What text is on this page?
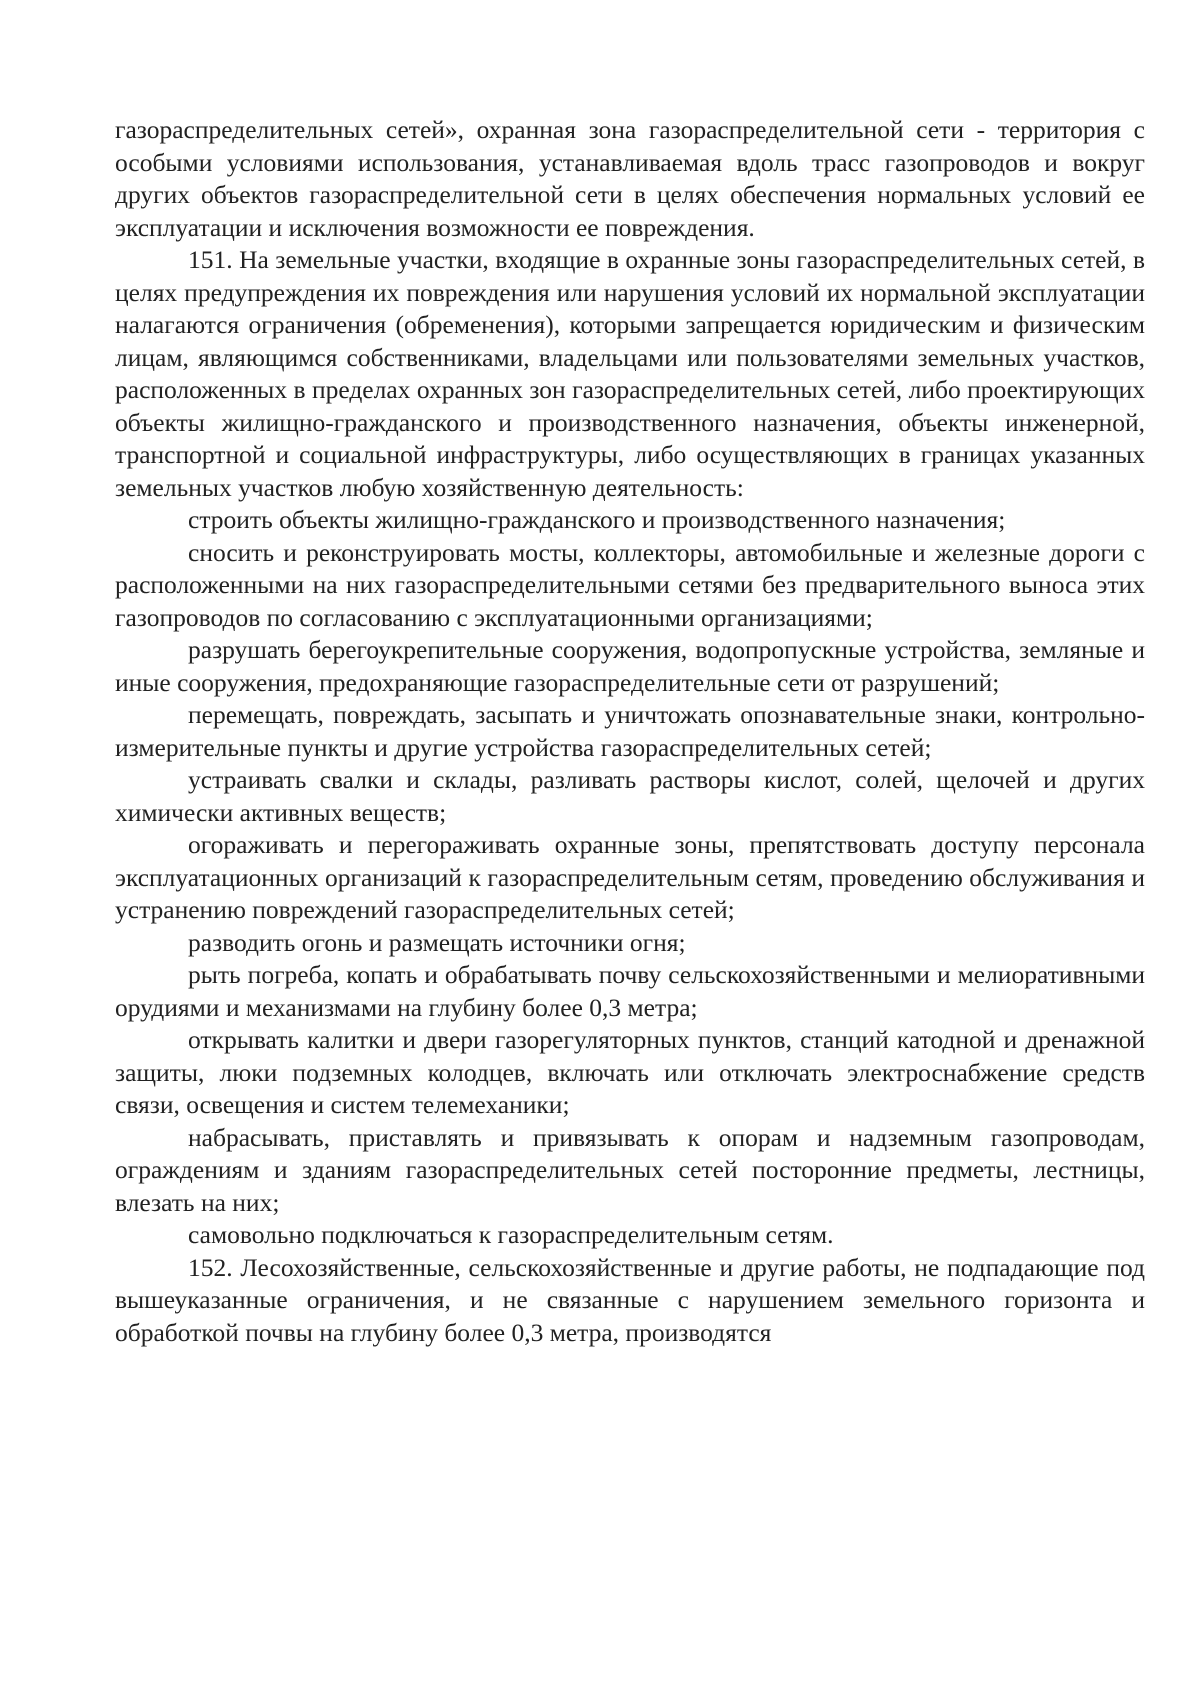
газораспределительных сетей», охранная зона газораспределительной сети - территория с особыми условиями использования, устанавливаемая вдоль трасс газопроводов и вокруг других объектов газораспределительной сети в целях обеспечения нормальных условий ее эксплуатации и исключения возможности ее повреждения.

151. На земельные участки, входящие в охранные зоны газораспределительных сетей, в целях предупреждения их повреждения или нарушения условий их нормальной эксплуатации налагаются ограничения (обременения), которыми запрещается юридическим и физическим лицам, являющимся собственниками, владельцами или пользователями земельных участков, расположенных в пределах охранных зон газораспределительных сетей, либо проектирующих объекты жилищно-гражданского и производственного назначения, объекты инженерной, транспортной и социальной инфраструктуры, либо осуществляющих в границах указанных земельных участков любую хозяйственную деятельность:

строить объекты жилищно-гражданского и производственного назначения;

сносить и реконструировать мосты, коллекторы, автомобильные и железные дороги с расположенными на них газораспределительными сетями без предварительного выноса этих газопроводов по согласованию с эксплуатационными организациями;

разрушать берегоукрепительные сооружения, водопропускные устройства, земляные и иные сооружения, предохраняющие газораспределительные сети от разрушений;

перемещать, повреждать, засыпать и уничтожать опознавательные знаки, контрольно-измерительные пункты и другие устройства газораспределительных сетей;

устраивать свалки и склады, разливать растворы кислот, солей, щелочей и других химически активных веществ;

огораживать и перегораживать охранные зоны, препятствовать доступу персонала эксплуатационных организаций к газораспределительным сетям, проведению обслуживания и устранению повреждений газораспределительных сетей;

разводить огонь и размещать источники огня;

рыть погреба, копать и обрабатывать почву сельскохозяйственными и мелиоративными орудиями и механизмами на глубину более 0,3 метра;

открывать калитки и двери газорегуляторных пунктов, станций катодной и дренажной защиты, люки подземных колодцев, включать или отключать электроснабжение средств связи, освещения и систем телемеханики;

набрасывать, приставлять и привязывать к опорам и надземным газопроводам, ограждениям и зданиям газораспределительных сетей посторонние предметы, лестницы, влезать на них;

самовольно подключаться к газораспределительным сетям.

152. Лесохозяйственные, сельскохозяйственные и другие работы, не подпадающие под вышеуказанные ограничения, и не связанные с нарушением земельного горизонта и обработкой почвы на глубину более 0,3 метра, производятся
